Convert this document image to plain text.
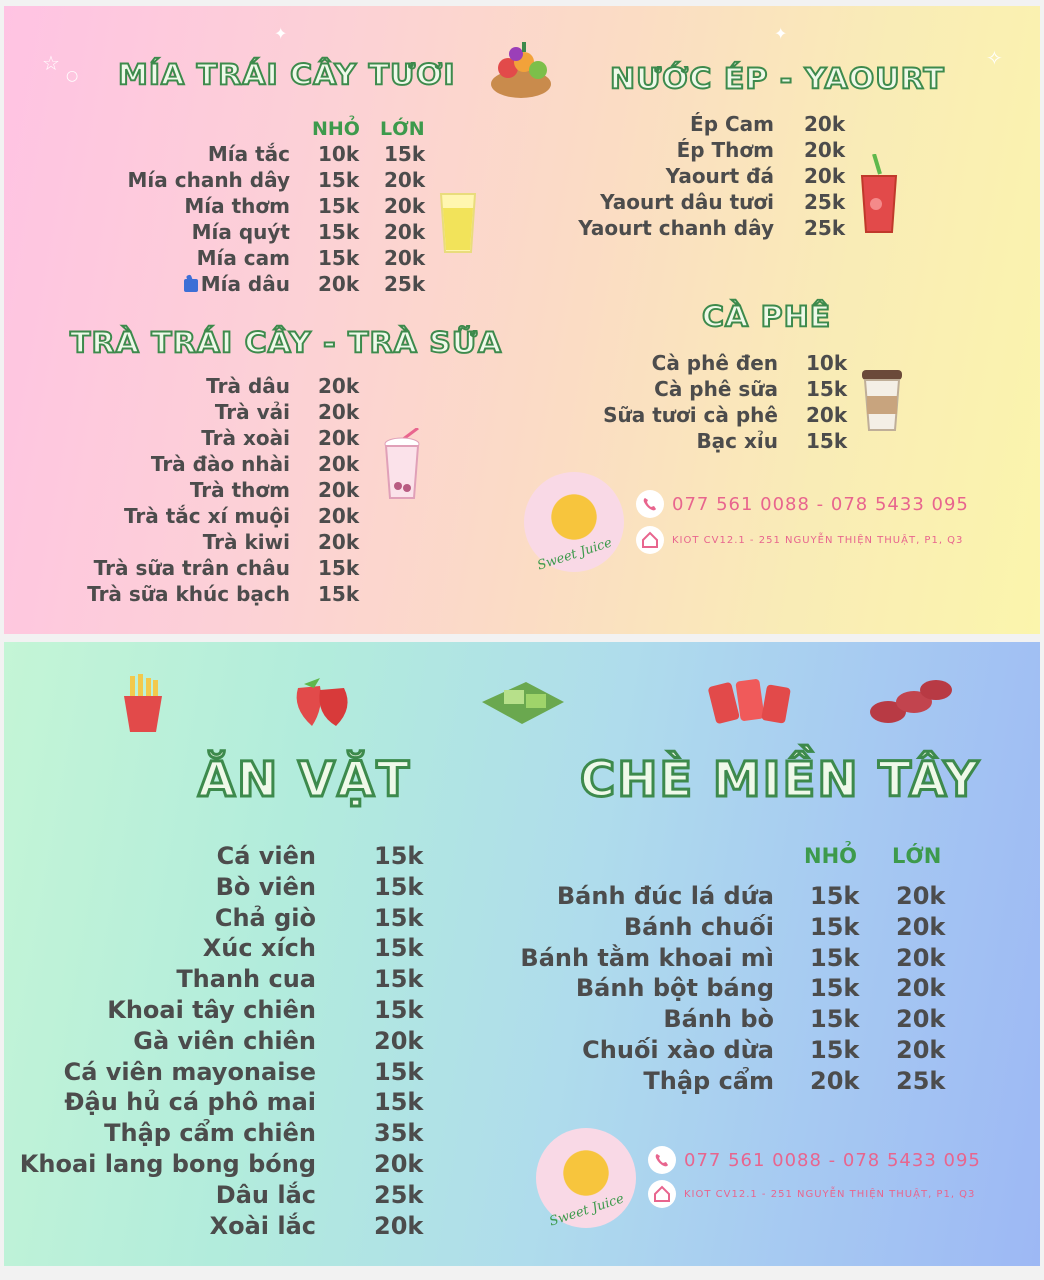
☆
○
✦
✧
✦
MÍA TRÁI CÂY TƯƠI
NHỎ LỚN
Mía tắc 10k 15k
Mía chanh dây 15k 20k
Mía thơm 15k 20k
Mía quýt 15k 20k
Mía cam 15k 20k
Mía dâu 20k 25k
TRÀ TRÁI CÂY - TRÀ SỮA
Trà dâu 20k
Trà vải 20k
Trà xoài 20k
Trà đào nhài 20k
Trà thơm 20k
Trà tắc xí muội 20k
Trà kiwi 20k
Trà sữa trân châu 15k
Trà sữa khúc bạch 15k
NƯỚC ÉP - YAOURT
Ép Cam 20k
Ép Thơm 20k
Yaourt đá 20k
Yaourt dâu tươi 25k
Yaourt chanh dây 25k
CÀ PHÊ
Cà phê đen 10k
Cà phê sữa 15k
Sữa tươi cà phê 20k
Bạc xỉu 15k
Sweet Juice
077 561 0088 - 078 5433 095
KIOT CV12.1 - 251 NGUYỄN THIỆN THUẬT, P1, Q3
ĂN VẶT
Cá viên 15k
Bò viên 15k
Chả giò 15k
Xúc xích 15k
Thanh cua 15k
Khoai tây chiên 15k
Gà viên chiên 20k
Cá viên mayonaise 15k
Đậu hủ cá phô mai 15k
Thập cẩm chiên 35k
Khoai lang bong bóng 20k
Dâu lắc 25k
Xoài lắc 20k
CHÈ MIỀN TÂY
NHỎ LỚN
Bánh đúc lá dứa 15k 20k
Bánh chuối 15k 20k
Bánh tằm khoai mì 15k 20k
Bánh bột báng 15k 20k
Bánh bò 15k 20k
Chuối xào dừa 15k 20k
Thập cẩm 20k 25k
Sweet Juice
077 561 0088 - 078 5433 095
KIOT CV12.1 - 251 NGUYỄN THIỆN THUẬT, P1, Q3
